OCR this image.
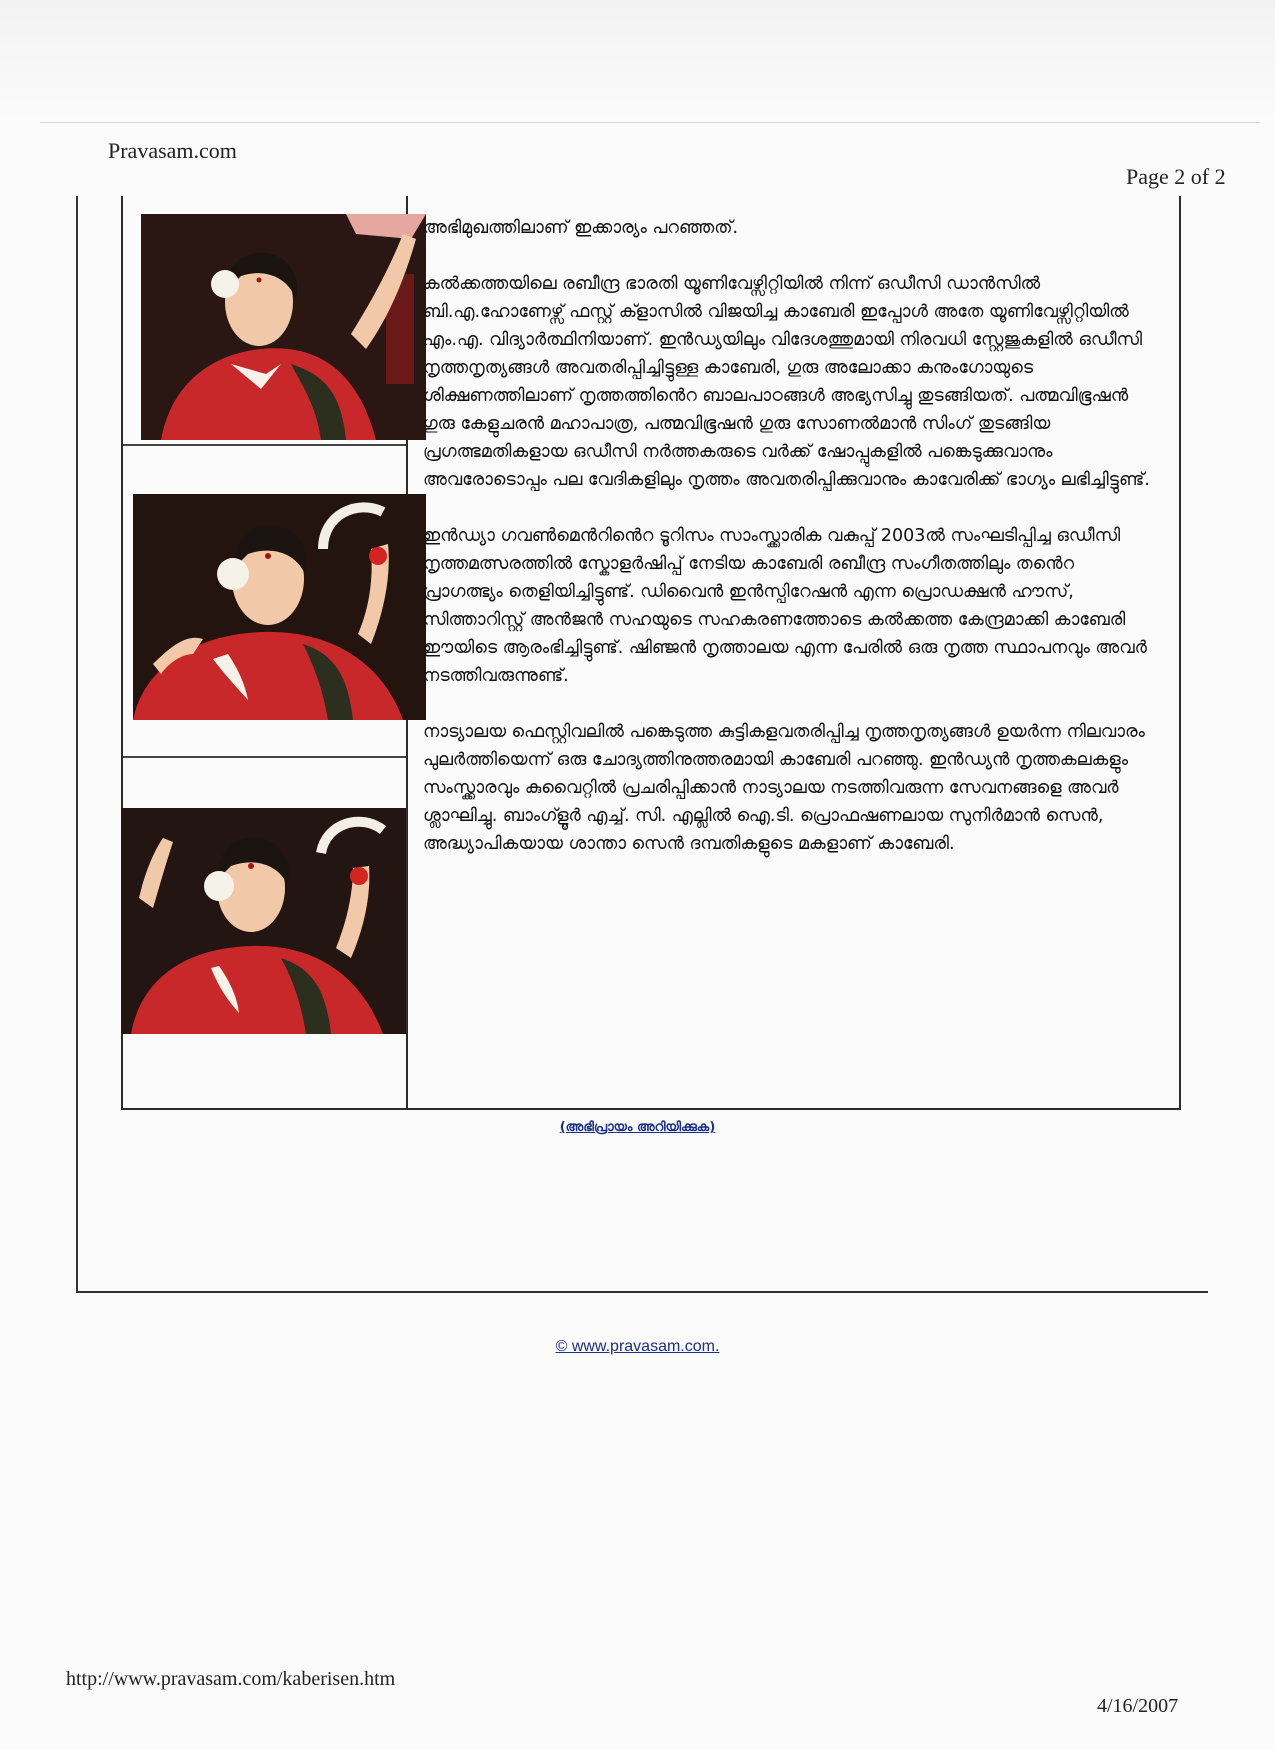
Pravasam.com
Page 2 of 2

അഭിമുഖത്തിലാണ് ഇക്കാര്യം പറഞ്ഞത്.

കൽക്കത്തയിലെ രബീന്ദ്ര ഭാരതി യൂണിവേഴ്സിറ്റിയിൽ നിന്ന് ഒഡീസി ഡാൻസിൽ ബി.എ.ഹോണേഴ്സ് ഫസ്റ്റ് ക്ളാസിൽ വിജയിച്ച കാബേരി ഇപ്പോൾ അതേ യൂണിവേഴ്സിറ്റിയിൽ എം.എ. വിദ്യാർത്ഥിനിയാണ്. ഇൻഡ്യയിലും വിദേശത്തുമായി നിരവധി സ്റ്റേജുകളിൽ ഒഡീസി നൃത്തനൃത്യങ്ങൾ അവതരിപ്പിച്ചിട്ടുള്ള കാബേരി, ഗുരു അലോക്കാ കനുംഗോയുടെ ശിക്ഷണത്തിലാണ് നൃത്തത്തിൻെറ ബാലപാഠങ്ങൾ അഭ്യസിച്ചു തുടങ്ങിയത്. പത്മവിഭൂഷൻ ഗുരു കേളുചരൻ മഹാപാത്ര, പത്മവിഭൂഷൻ ഗുരു സോണൽമാൻ സിംഗ് തുടങ്ങിയ പ്രഗത്ഭമതികളായ ഒഡീസി നർത്തകരുടെ വർക്ക് ഷോപ്പുകളിൽ പങ്കെടുക്കുവാനും അവരോടൊപ്പം പല വേദികളിലും നൃത്തം അവതരിപ്പിക്കുവാനും കാവേരിക്ക് ഭാഗ്യം ലഭിച്ചിട്ടുണ്ട്.

ഇൻഡ്യാ ഗവൺമെൻറിൻെറ ടൂറിസം സാംസ്ക്കാരിക വകുപ്പ് 2003ൽ സംഘടിപ്പിച്ച ഒഡീസി നൃത്തമത്സരത്തിൽ സ്കോളർഷിപ്പ് നേടിയ കാബേരി രബീന്ദ്ര സംഗീതത്തിലും തൻെറ പ്രാഗത്ഭ്യം തെളിയിച്ചിട്ടുണ്ട്. ഡിവൈൻ ഇൻസ്പിറേഷൻ എന്ന പ്രൊഡക്ഷൻ ഹൗസ്, സിത്താറിസ്റ്റ് അൻജൻ സഹയുടെ സഹകരണത്തോടെ കൽക്കത്ത കേന്ദ്രമാക്കി കാബേരി ഈയിടെ ആരംഭിച്ചിട്ടുണ്ട്. ഷിഞ്ജൻ നൃത്താലയ എന്ന പേരിൽ ഒരു നൃത്ത സ്ഥാപനവും അവർ നടത്തിവരുന്നുണ്ട്.

നാട്യാലയ ഫെസ്റ്റിവലിൽ പങ്കെടുത്ത കുട്ടികളവതരിപ്പിച്ച നൃത്തനൃത്യങ്ങൾ ഉയർന്ന നിലവാരം പുലർത്തിയെന്ന് ഒരു ചോദ്യത്തിനുത്തരമായി കാബേരി പറഞ്ഞു. ഇൻഡ്യൻ നൃത്തകലകളും സംസ്ക്കാരവും കുവൈറ്റിൽ പ്രചരിപ്പിക്കാൻ നാട്യാലയ നടത്തിവരുന്ന സേവനങ്ങളെ അവർ ശ്ലാഘിച്ചു. ബാംഗ്ളൂർ എച്ച്. സി. എല്ലിൽ ഐ.ടി. പ്രൊഫഷണലായ സുനിർമാൻ സെൻ, അദ്ധ്യാപികയായ ശാന്താ സെൻ ദമ്പതികളുടെ മകളാണ് കാബേരി.

(അഭിപ്രായം അറിയിക്കുക)
© www.pravasam.com.
http://www.pravasam.com/kaberisen.htm
4/16/2007
